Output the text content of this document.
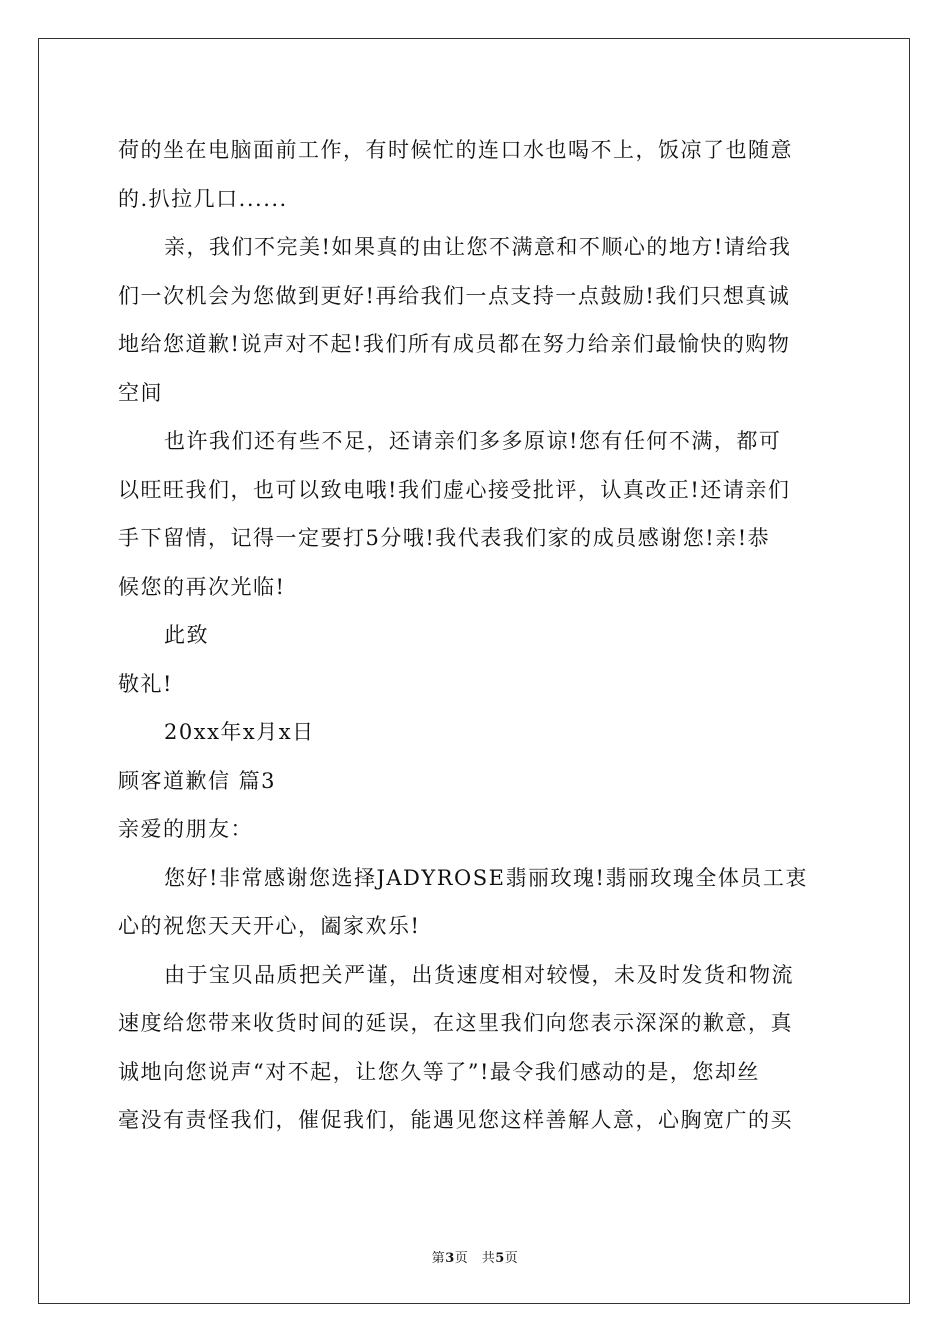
荷的坐在电脑面前工作，有时候忙的连口水也喝不上，饭凉了也随意
的.扒拉几口......
亲，我们不完美!如果真的由让您不满意和不顺心的地方!请给我
们一次机会为您做到更好!再给我们一点支持一点鼓励!我们只想真诚
地给您道歉!说声对不起!我们所有成员都在努力给亲们最愉快的购物
空间
也许我们还有些不足，还请亲们多多原谅!您有任何不满，都可
以旺旺我们，也可以致电哦!我们虚心接受批评，认真改正!还请亲们
手下留情，记得一定要打5分哦!我代表我们家的成员感谢您!亲!恭
候您的再次光临!
此致
敬礼!
20xx年x月x日
顾客道歉信 篇3
亲爱的朋友：
您好!非常感谢您选择JADYROSE翡丽玫瑰!翡丽玫瑰全体员工衷
心的祝您天天开心，阖家欢乐!
由于宝贝品质把关严谨，出货速度相对较慢，未及时发货和物流
速度给您带来收货时间的延误，在这里我们向您表示深深的歉意，真
诚地向您说声“对不起，让您久等了”!最令我们感动的是，您却丝
毫没有责怪我们，催促我们，能遇见您这样善解人意，心胸宽广的买
第3页　共5页
